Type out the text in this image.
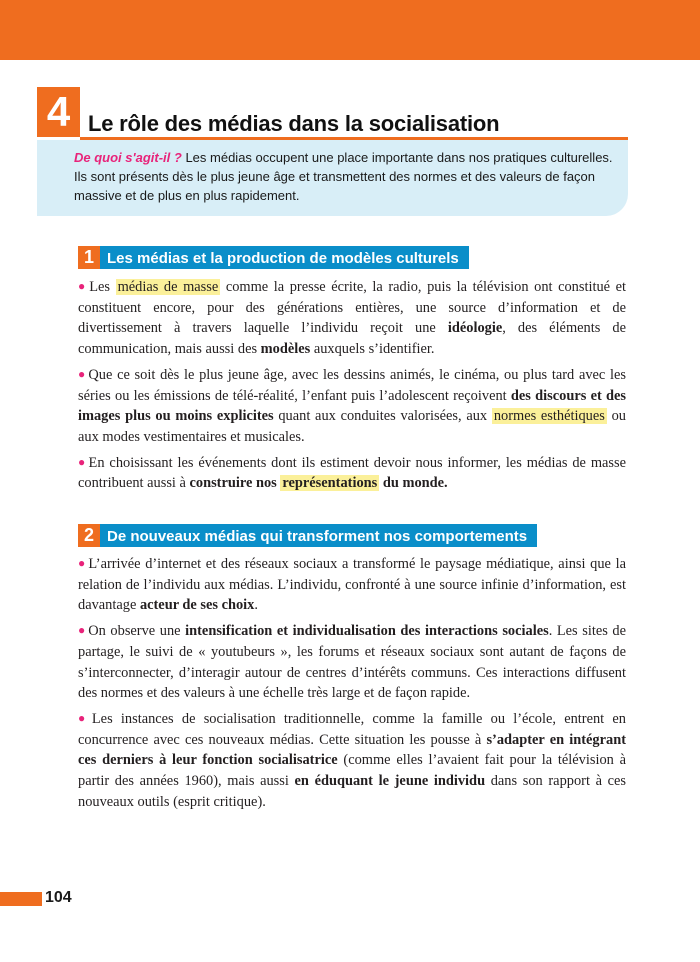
4 Le rôle des médias dans la socialisation
De quoi s'agit-il ? Les médias occupent une place importante dans nos pratiques culturelles. Ils sont présents dès le plus jeune âge et transmettent des normes et des valeurs de façon massive et de plus en plus rapidement.
1 Les médias et la production de modèles culturels

● Les médias de masse comme la presse écrite, la radio, puis la télévision ont constitué et constituent encore, pour des générations entières, une source d’information et de divertissement à travers laquelle l’individu reçoit une idéologie, des éléments de communication, mais aussi des modèles auxquels s’identifier.

● Que ce soit dès le plus jeune âge, avec les dessins animés, le cinéma, ou plus tard avec les séries ou les émissions de télé-réalité, l’enfant puis l’adolescent reçoivent des discours et des images plus ou moins explicites quant aux conduites valorisées, aux normes esthétiques ou aux modes vestimentaires et musicales.

● En choisissant les événements dont ils estiment devoir nous informer, les médias de masse contribuent aussi à construire nos représentations du monde.

2 De nouveaux médias qui transforment nos comportements

● L’arrivée d’internet et des réseaux sociaux a transformé le paysage médiatique, ainsi que la relation de l’individu aux médias. L’individu, confronté à une source infinie d’information, est davantage acteur de ses choix.

● On observe une intensification et individualisation des interactions sociales. Les sites de partage, le suivi de « youtubeurs », les forums et réseaux sociaux sont autant de façons de s’interconnecter, d’interagir autour de centres d’intérêts communs. Ces interactions diffusent des normes et des valeurs à une échelle très large et de façon rapide.

● Les instances de socialisation traditionnelle, comme la famille ou l’école, entrent en concurrence avec ces nouveaux médias. Cette situation les pousse à s’adapter en intégrant ces derniers à leur fonction socialisatrice (comme elles l’avaient fait pour la télévision à partir des années 1960), mais aussi en éduquant le jeune individu dans son rapport à ces nouveaux outils (esprit critique).

104
